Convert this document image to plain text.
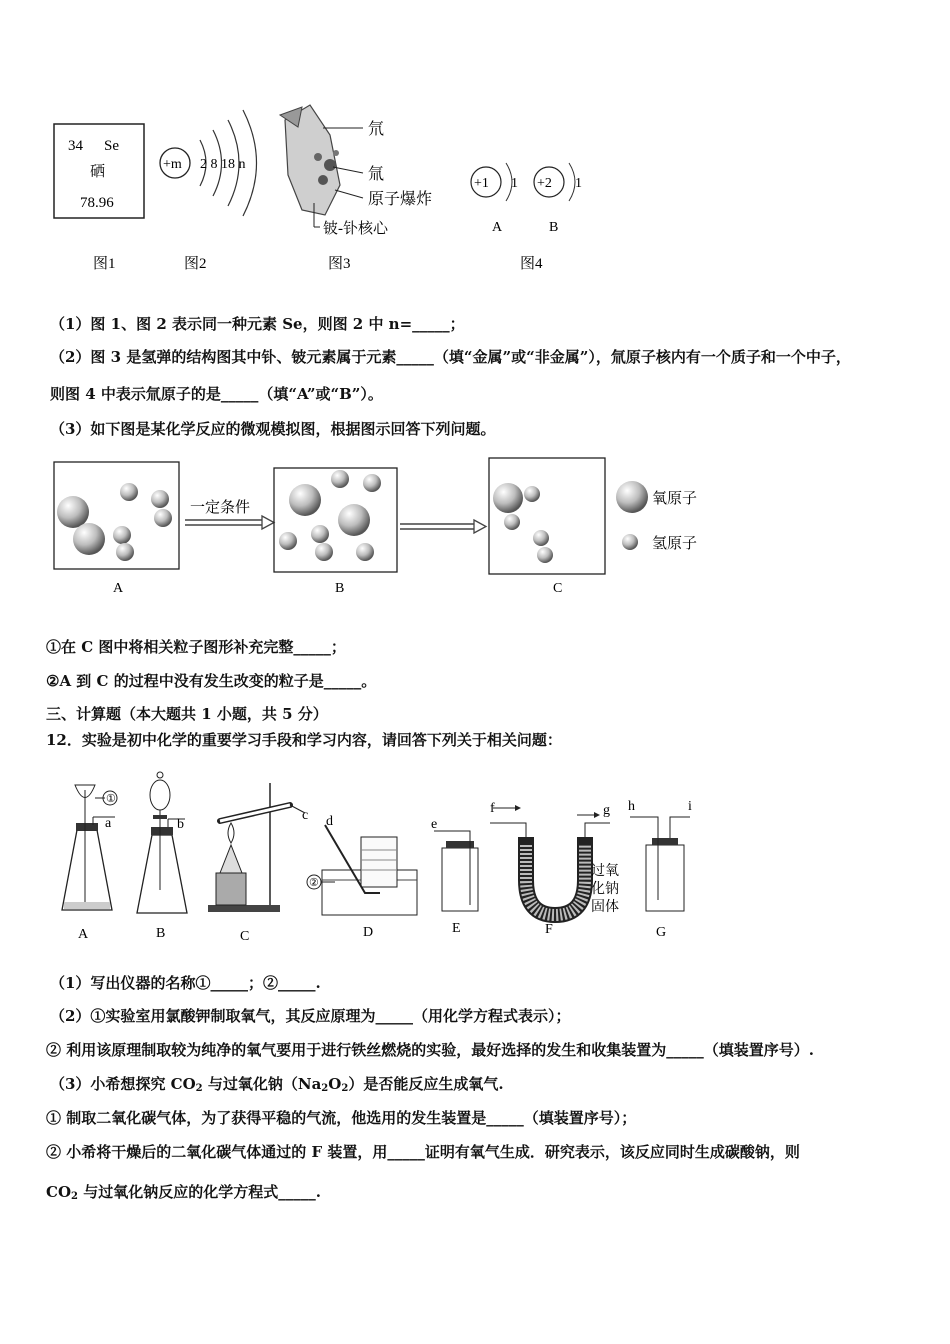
34 Se
硒
78.96
+m 2 8 18 n
氘
氚
原子爆炸
铍-钋核心
+1 1 +2 1
A	B
图1	图2	图3	图4
（1）图 1、图 2 表示同一种元素 Se，则图 2 中 n=_____；
（2）图 3 是氢弹的结构图其中钋、铍元素属于元素_____（填“金属”或“非金属”），氚原子核内有一个质子和一个中子，
则图 4 中表示氚原子的是_____（填“A”或“B”）。
（3）如下图是某化学反应的微观模拟图，根据图示回答下列问题。
一定条件
氧原子
氢原子
A	B	C
①在 C 图中将相关粒子图形补充完整_____；
②A 到 C 的过程中没有发生改变的粒子是_____。
三、计算题（本大题共 1 小题，共 5 分）
12．实验是初中化学的重要学习手段和学习内容，请回答下列关于相关问题：
①
a	b
c
②
d	e
f	g
过氧
化钠
固体
h	i
A	B	C	D	E	F	G
（1）写出仪器的名称①_____；②_____.
（2）①实验室用氯酸钾制取氧气，其反应原理为_____（用化学方程式表示）；
② 利用该原理制取较为纯净的氧气要用于进行铁丝燃烧的实验，最好选择的发生和收集装置为_____（填装置序号）.
（3）小希想探究 $CO_2$ 与过氧化钠$(Na_2O_2)$是否能反应生成氧气.
① 制取二氧化碳气体，为了获得平稳的气流，他选用的发生装置是_____（填装置序号）；
② 小希将干燥后的二氧化碳气体通过的 F 装置，用_____证明有氧气生成．研究表示，该反应同时生成碳酸钠，则
$CO_2$ 与过氧化钠反应的化学方程式_____.
